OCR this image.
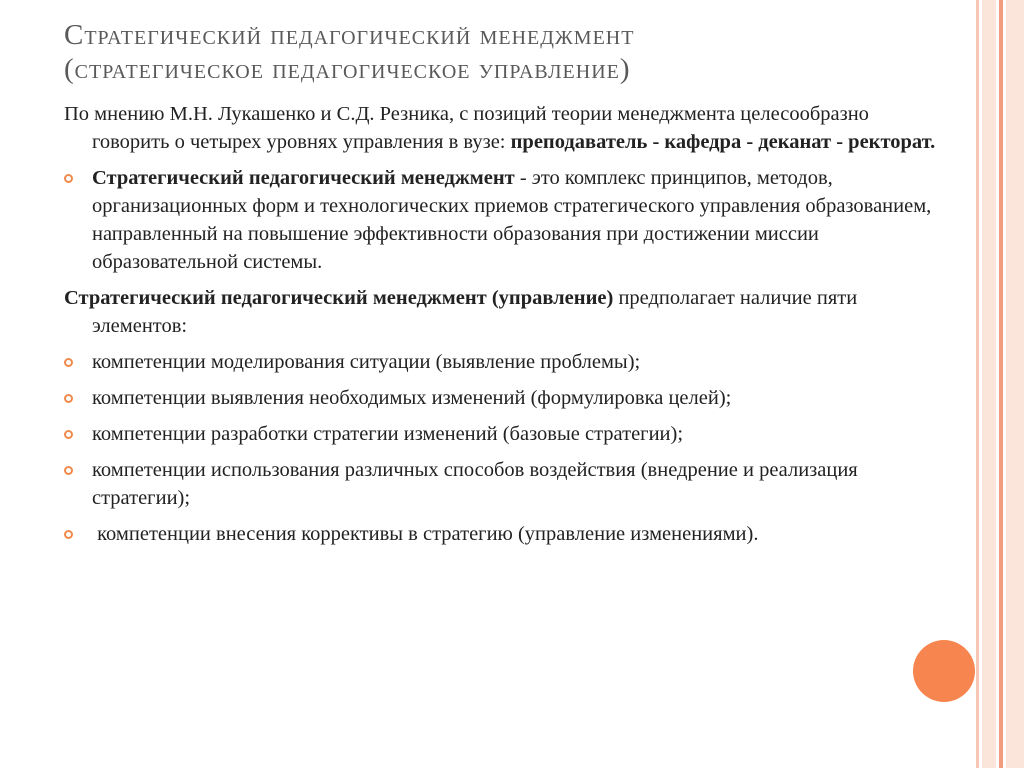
Стратегический педагогический менеджмент
(стратегическое педагогическое управление)
По мнению М.Н. Лукашенко и С.Д. Резника, с позиций теории менеджмента целесообразно говорить о четырех уровнях управления в вузе: преподаватель - кафедра - деканат - ректорат.
Стратегический педагогический менеджмент - это комплекс принципов, методов, организационных форм и технологических приемов стратегического управления образованием, направленный на повышение эффективности образования при достижении миссии образовательной системы.
Стратегический педагогический менеджмент (управление) предполагает наличие пяти элементов:
компетенции моделирования ситуации (выявление проблемы);
компетенции выявления необходимых изменений (формулировка целей);
компетенции разработки стратегии изменений (базовые стратегии);
компетенции использования различных способов воздействия (внедрение и реализация стратегии);
компетенции внесения коррективы в стратегию (управление изменениями).
